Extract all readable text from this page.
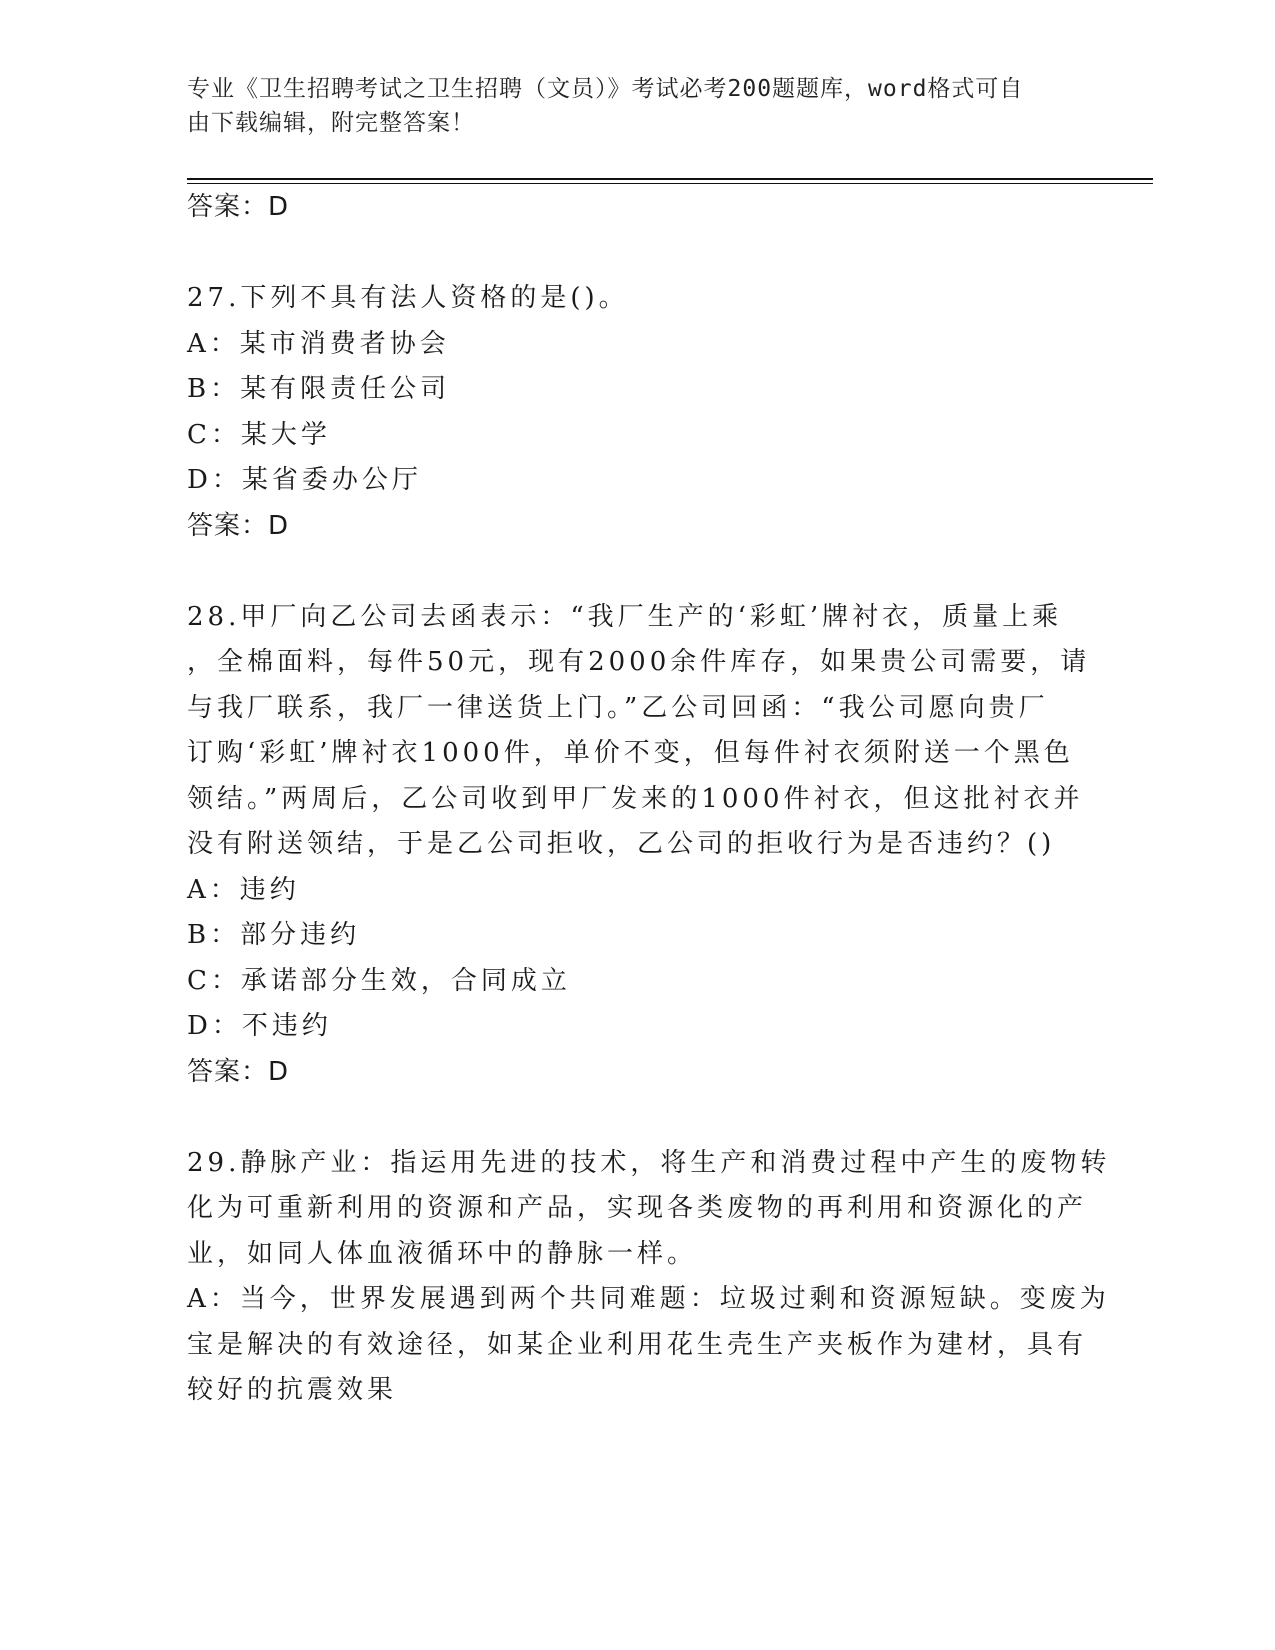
专业《卫生招聘考试之卫生招聘（文员）》考试必考200题题库，word格式可自
由下载编辑，附完整答案！
答案：D
27.下列不具有法人资格的是()。
A：某市消费者协会
B：某有限责任公司
C：某大学
D：某省委办公厅
答案：D
28.甲厂向乙公司去函表示：“我厂生产的‘彩虹’牌衬衣，质量上乘
，全棉面料，每件50元，现有2000余件库存，如果贵公司需要，请
与我厂联系，我厂一律送货上门。”乙公司回函：“我公司愿向贵厂
订购‘彩虹’牌衬衣1000件，单价不变，但每件衬衣须附送一个黑色
领结。”两周后，乙公司收到甲厂发来的1000件衬衣，但这批衬衣并
没有附送领结，于是乙公司拒收，乙公司的拒收行为是否违约？()
A：违约
B：部分违约
C：承诺部分生效，合同成立
D：不违约
答案：D
29.静脉产业：指运用先进的技术，将生产和消费过程中产生的废物转
化为可重新利用的资源和产品，实现各类废物的再利用和资源化的产
业，如同人体血液循环中的静脉一样。
A：当今，世界发展遇到两个共同难题：垃圾过剩和资源短缺。变废为
宝是解决的有效途径，如某企业利用花生壳生产夹板作为建材，具有
较好的抗震效果
